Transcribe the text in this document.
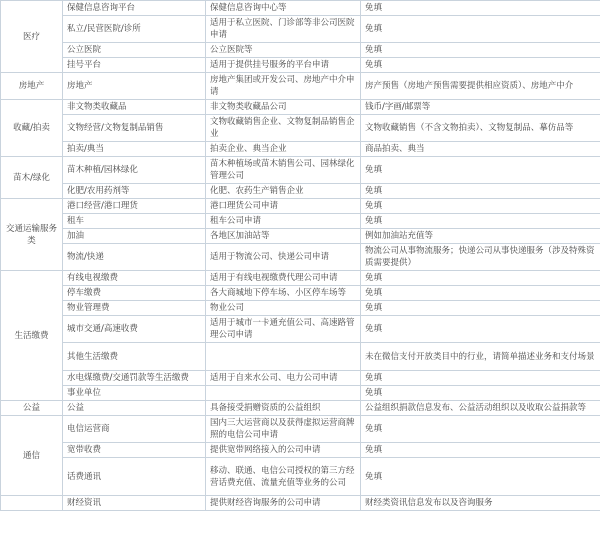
医疗	保健信息咨询平台	保健信息咨询中心等	免填
	私立/民营医院/诊所	适用于私立医院、门诊部等非公司医院申请	免填
	公立医院	公立医院等	免填
	挂号平台	适用于提供挂号服务的平台申请	免填
房地产	房地产	房地产集团或开发公司、房地产中介申请	房产预售（房地产预售需要提供相应资质）、房地产中介
收藏/拍卖	非文物类收藏品	非文物类收藏品公司	钱币/字画/邮票等
	文物经营/文物复制品销售	文物收藏销售企业、文物复制品销售企业	文物收藏销售（不含文物拍卖）、文物复制品、摹仿品等
	拍卖/典当	拍卖企业、典当企业	商品拍卖、典当
苗木/绿化	苗木种植/园林绿化	苗木种植场或苗木销售公司、园林绿化管理公司	免填
	化肥/农用药剂等	化肥、农药生产销售企业	免填
交通运输服务类	港口经营/港口理货	港口理货公司申请	免填
	租车	租车公司申请	免填
	加油	各地区加油站等	例如加油站充值等
	物流/快递	适用于物流公司、快递公司申请	物流公司从事物流服务；快递公司从事快递服务（涉及特殊资质需要提供）
生活缴费	有线电视缴费	适用于有线电视缴费代理公司申请	免填
	停车缴费	各大商城地下停车场、小区停车场等	免填
	物业管理费	物业公司	免填
	城市交通/高速收费	适用于城市一卡通充值公司、高速路管理公司申请	免填
	其他生活缴费		未在微信支付开放类目中的行业，请简单描述业务和支付场景
	水电煤缴费/交通罚款等生活缴费	适用于自来水公司、电力公司申请	免填
	事业单位		免填
公益	公益	具备接受捐赠资质的公益组织	公益组织捐款信息发布、公益活动组织以及收取公益捐款等
通信	电信运营商	国内三大运营商以及获得虚拟运营商牌照的电信公司申请	免填
	宽带收费	提供宽带网络接入的公司申请	免填
	话费通讯	移动、联通、电信公司授权的第三方经营话费充值、流量充值等业务的公司	免填
	财经资讯	提供财经咨询服务的公司申请	财经类资讯信息发布以及咨询服务
